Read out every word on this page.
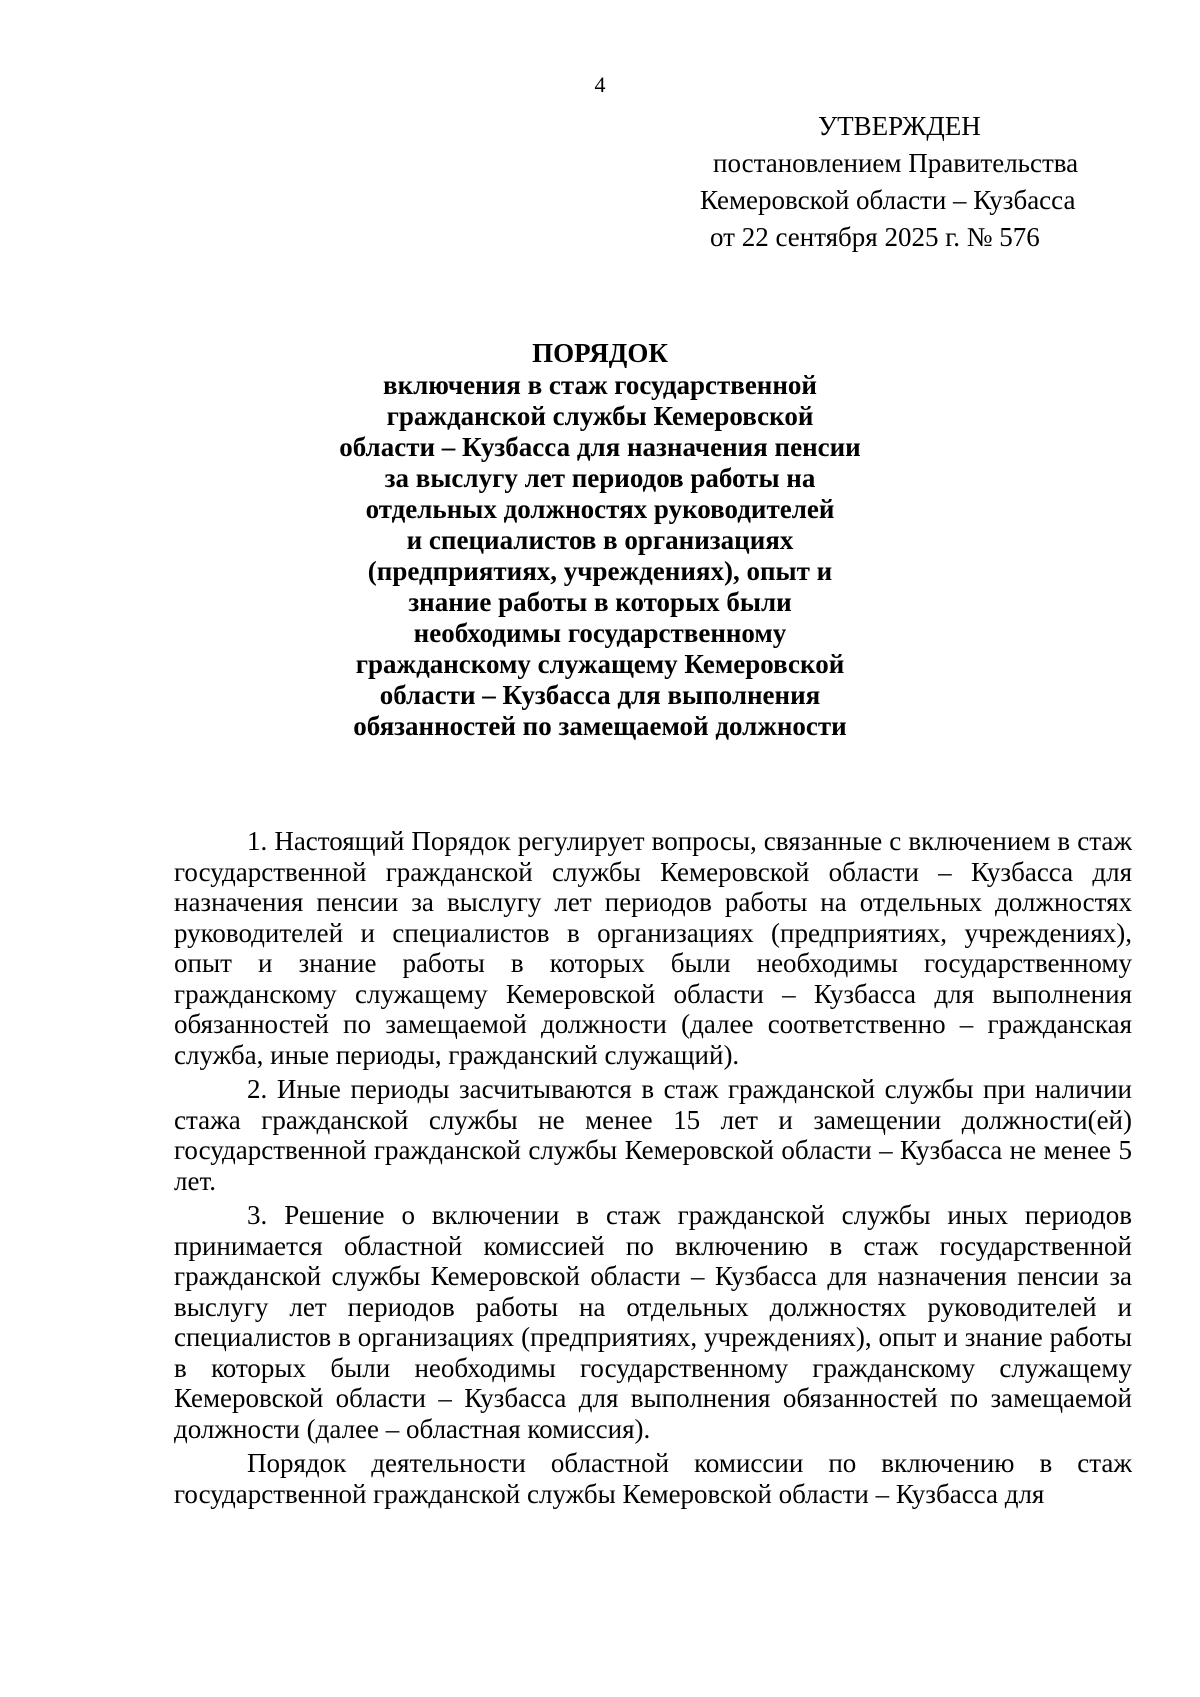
4
УТВЕРЖДЕН
постановлением Правительства
Кемеровской области – Кузбасса
от 22 сентября 2025 г. № 576
ПОРЯДОК
включения в стаж государственной
гражданской службы Кемеровской
области – Кузбасса для назначения пенсии
за выслугу лет периодов работы на
отдельных должностях руководителей
и специалистов в организациях
(предприятиях, учреждениях), опыт и
знание работы в которых были
необходимы государственному
гражданскому служащему Кемеровской
области – Кузбасса для выполнения
обязанностей по замещаемой должности

1. Настоящий Порядок регулирует вопросы, связанные с включением в стаж государственной гражданской службы Кемеровской области – Кузбасса для назначения пенсии за выслугу лет периодов работы на отдельных должностях руководителей и специалистов в организациях (предприятиях, учреждениях), опыт и знание работы в которых были необходимы государственному гражданскому служащему Кемеровской области – Кузбасса для выполнения обязанностей по замещаемой должности (далее соответственно – гражданская служба, иные периоды, гражданский служащий).

2. Иные периоды засчитываются в стаж гражданской службы при наличии стажа гражданской службы не менее 15 лет и замещении должности(ей) государственной гражданской службы Кемеровской области – Кузбасса не менее 5 лет.

3. Решение о включении в стаж гражданской службы иных периодов принимается областной комиссией по включению в стаж государственной гражданской службы Кемеровской области – Кузбасса для назначения пенсии за выслугу лет периодов работы на отдельных должностях руководителей и специалистов в организациях (предприятиях, учреждениях), опыт и знание работы в которых были необходимы государственному гражданскому служащему Кемеровской области – Кузбасса для выполнения обязанностей по замещаемой должности (далее – областная комиссия).

Порядок деятельности областной комиссии по включению в стаж государственной гражданской службы Кемеровской области – Кузбасса для
